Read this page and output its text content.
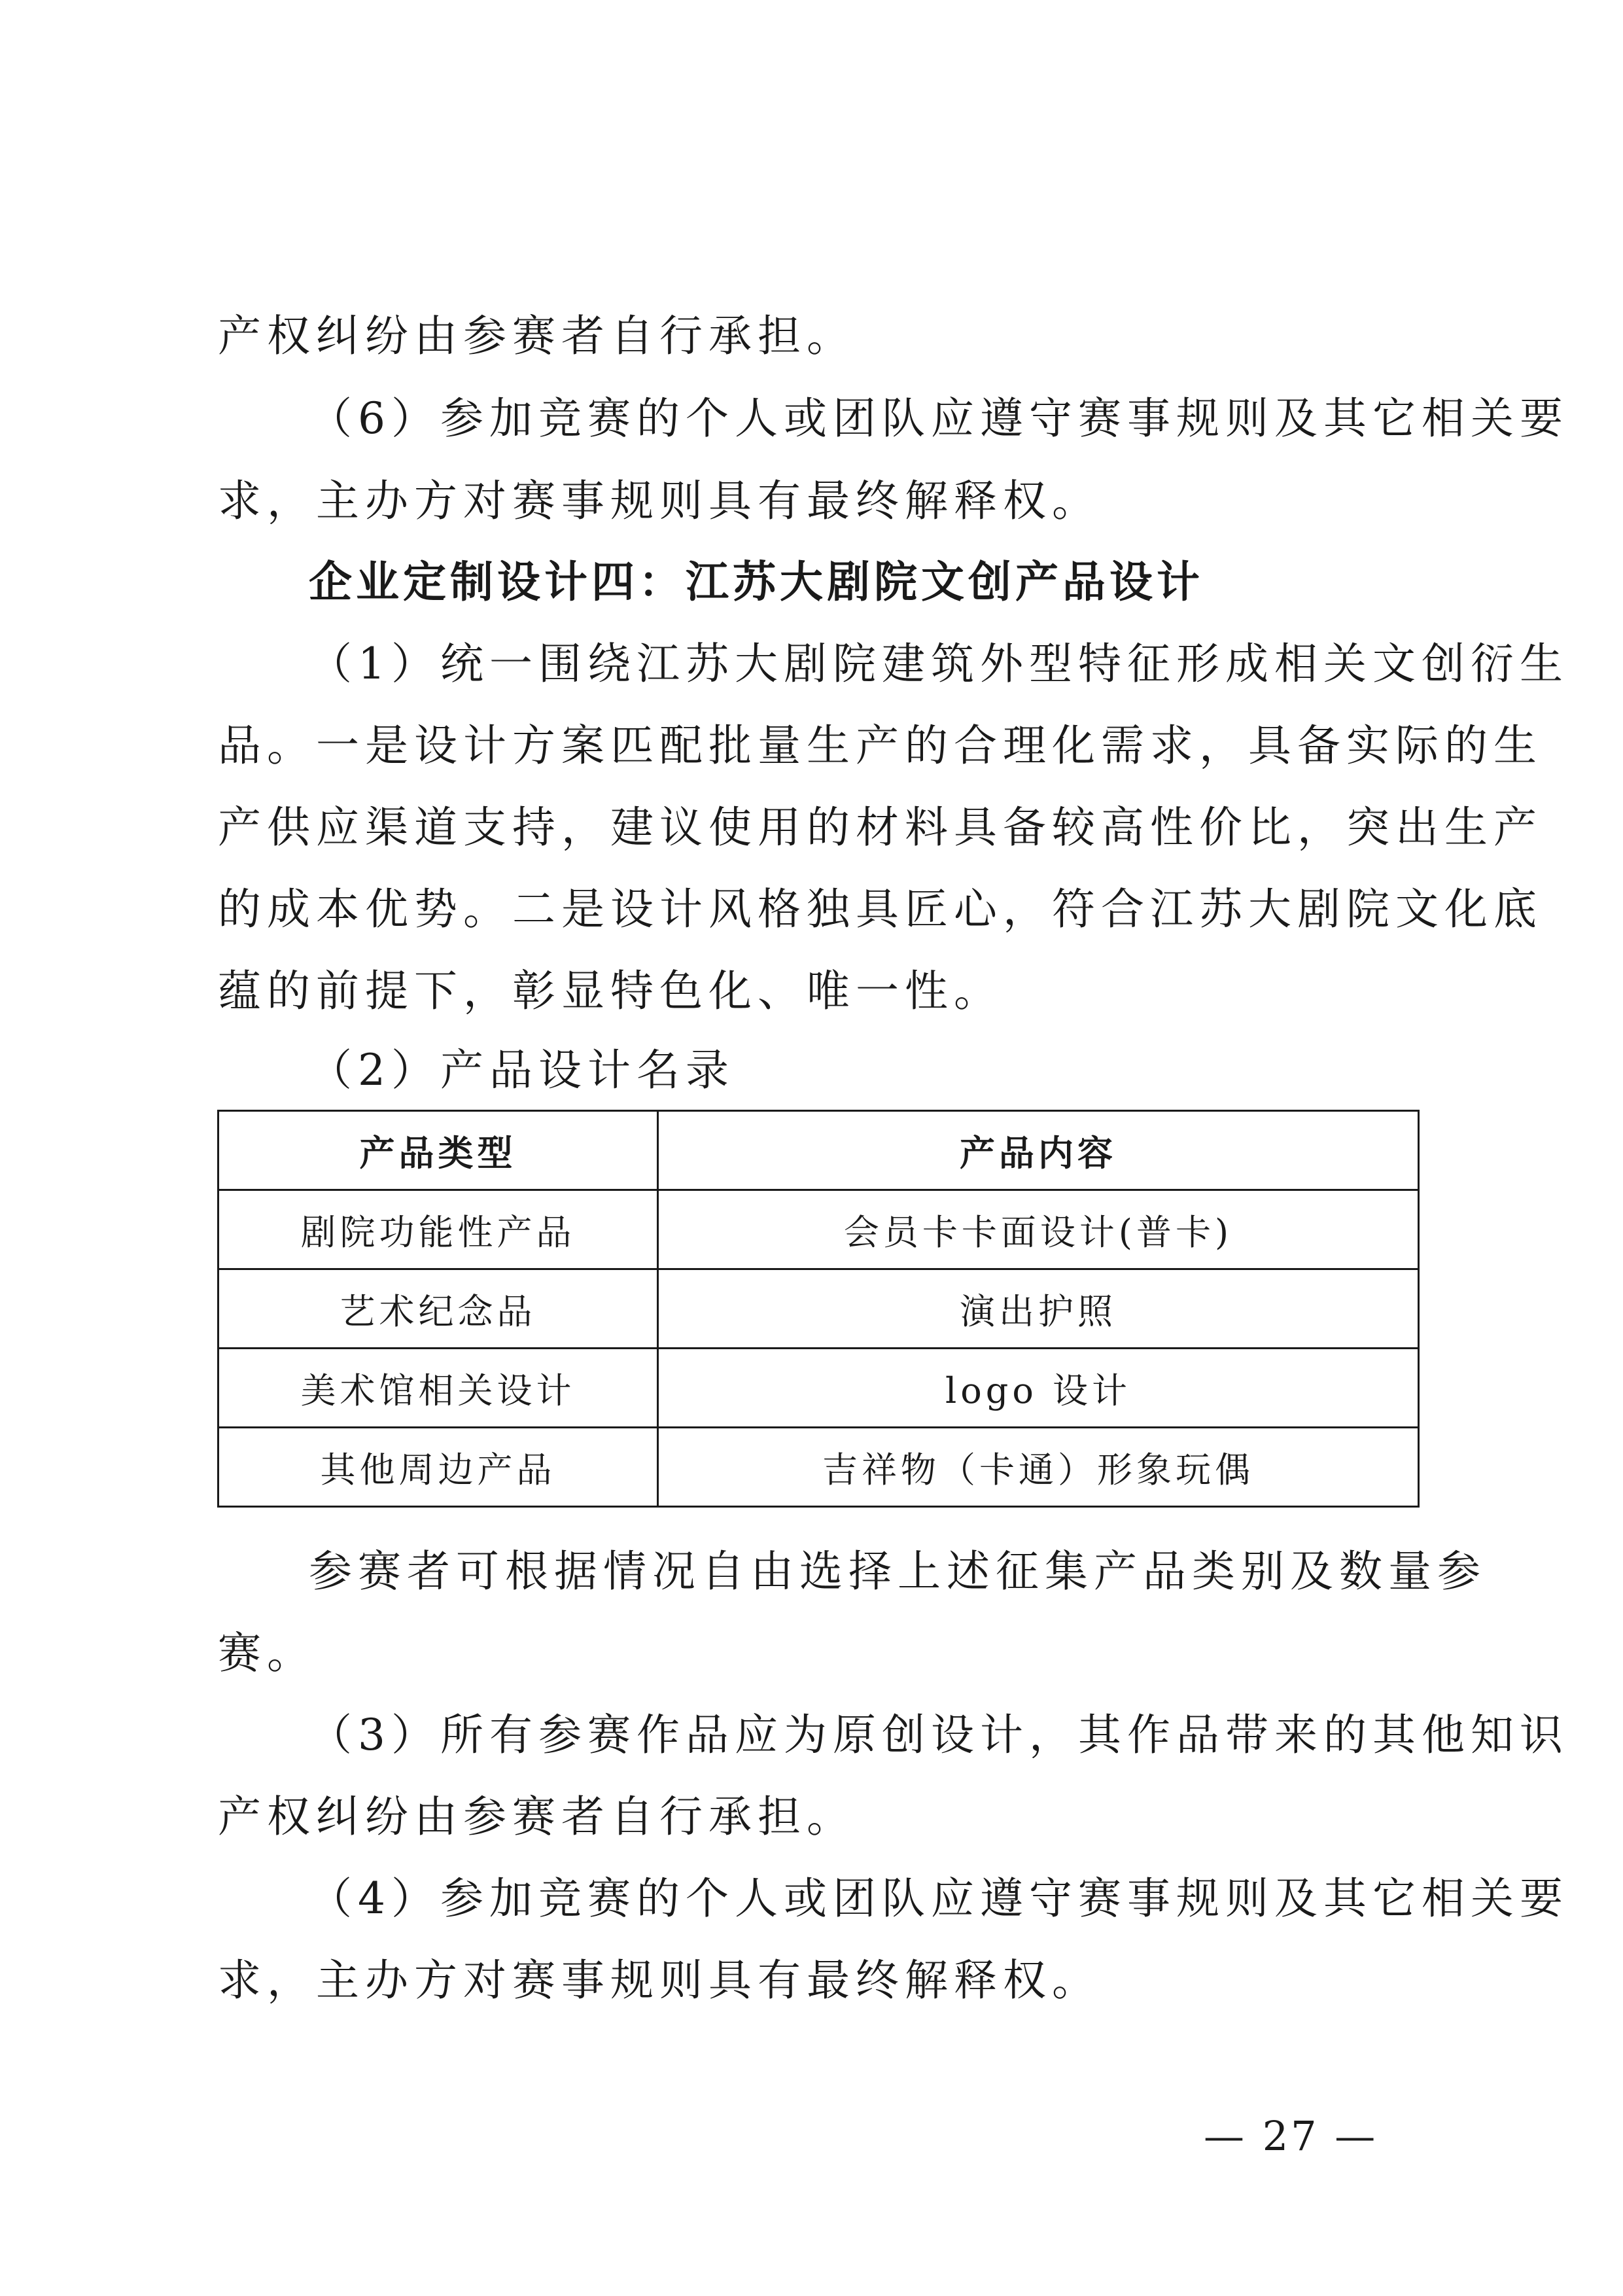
产权纠纷由参赛者自行承担。
（6）参加竞赛的个人或团队应遵守赛事规则及其它相关要
求，主办方对赛事规则具有最终解释权。
企业定制设计四：江苏大剧院文创产品设计
（1）统一围绕江苏大剧院建筑外型特征形成相关文创衍生
品。一是设计方案匹配批量生产的合理化需求，具备实际的生
产供应渠道支持，建议使用的材料具备较高性价比，突出生产
的成本优势。二是设计风格独具匠心，符合江苏大剧院文化底
蕴的前提下，彰显特色化、唯一性。
（2）产品设计名录
产品类型	产品内容
剧院功能性产品	会员卡卡面设计(普卡)
艺术纪念品	演出护照
美术馆相关设计	logo 设计
其他周边产品	吉祥物（卡通）形象玩偶
参赛者可根据情况自由选择上述征集产品类别及数量参
赛。
（3）所有参赛作品应为原创设计，其作品带来的其他知识
产权纠纷由参赛者自行承担。
（4）参加竞赛的个人或团队应遵守赛事规则及其它相关要
求，主办方对赛事规则具有最终解释权。
— 27 —
